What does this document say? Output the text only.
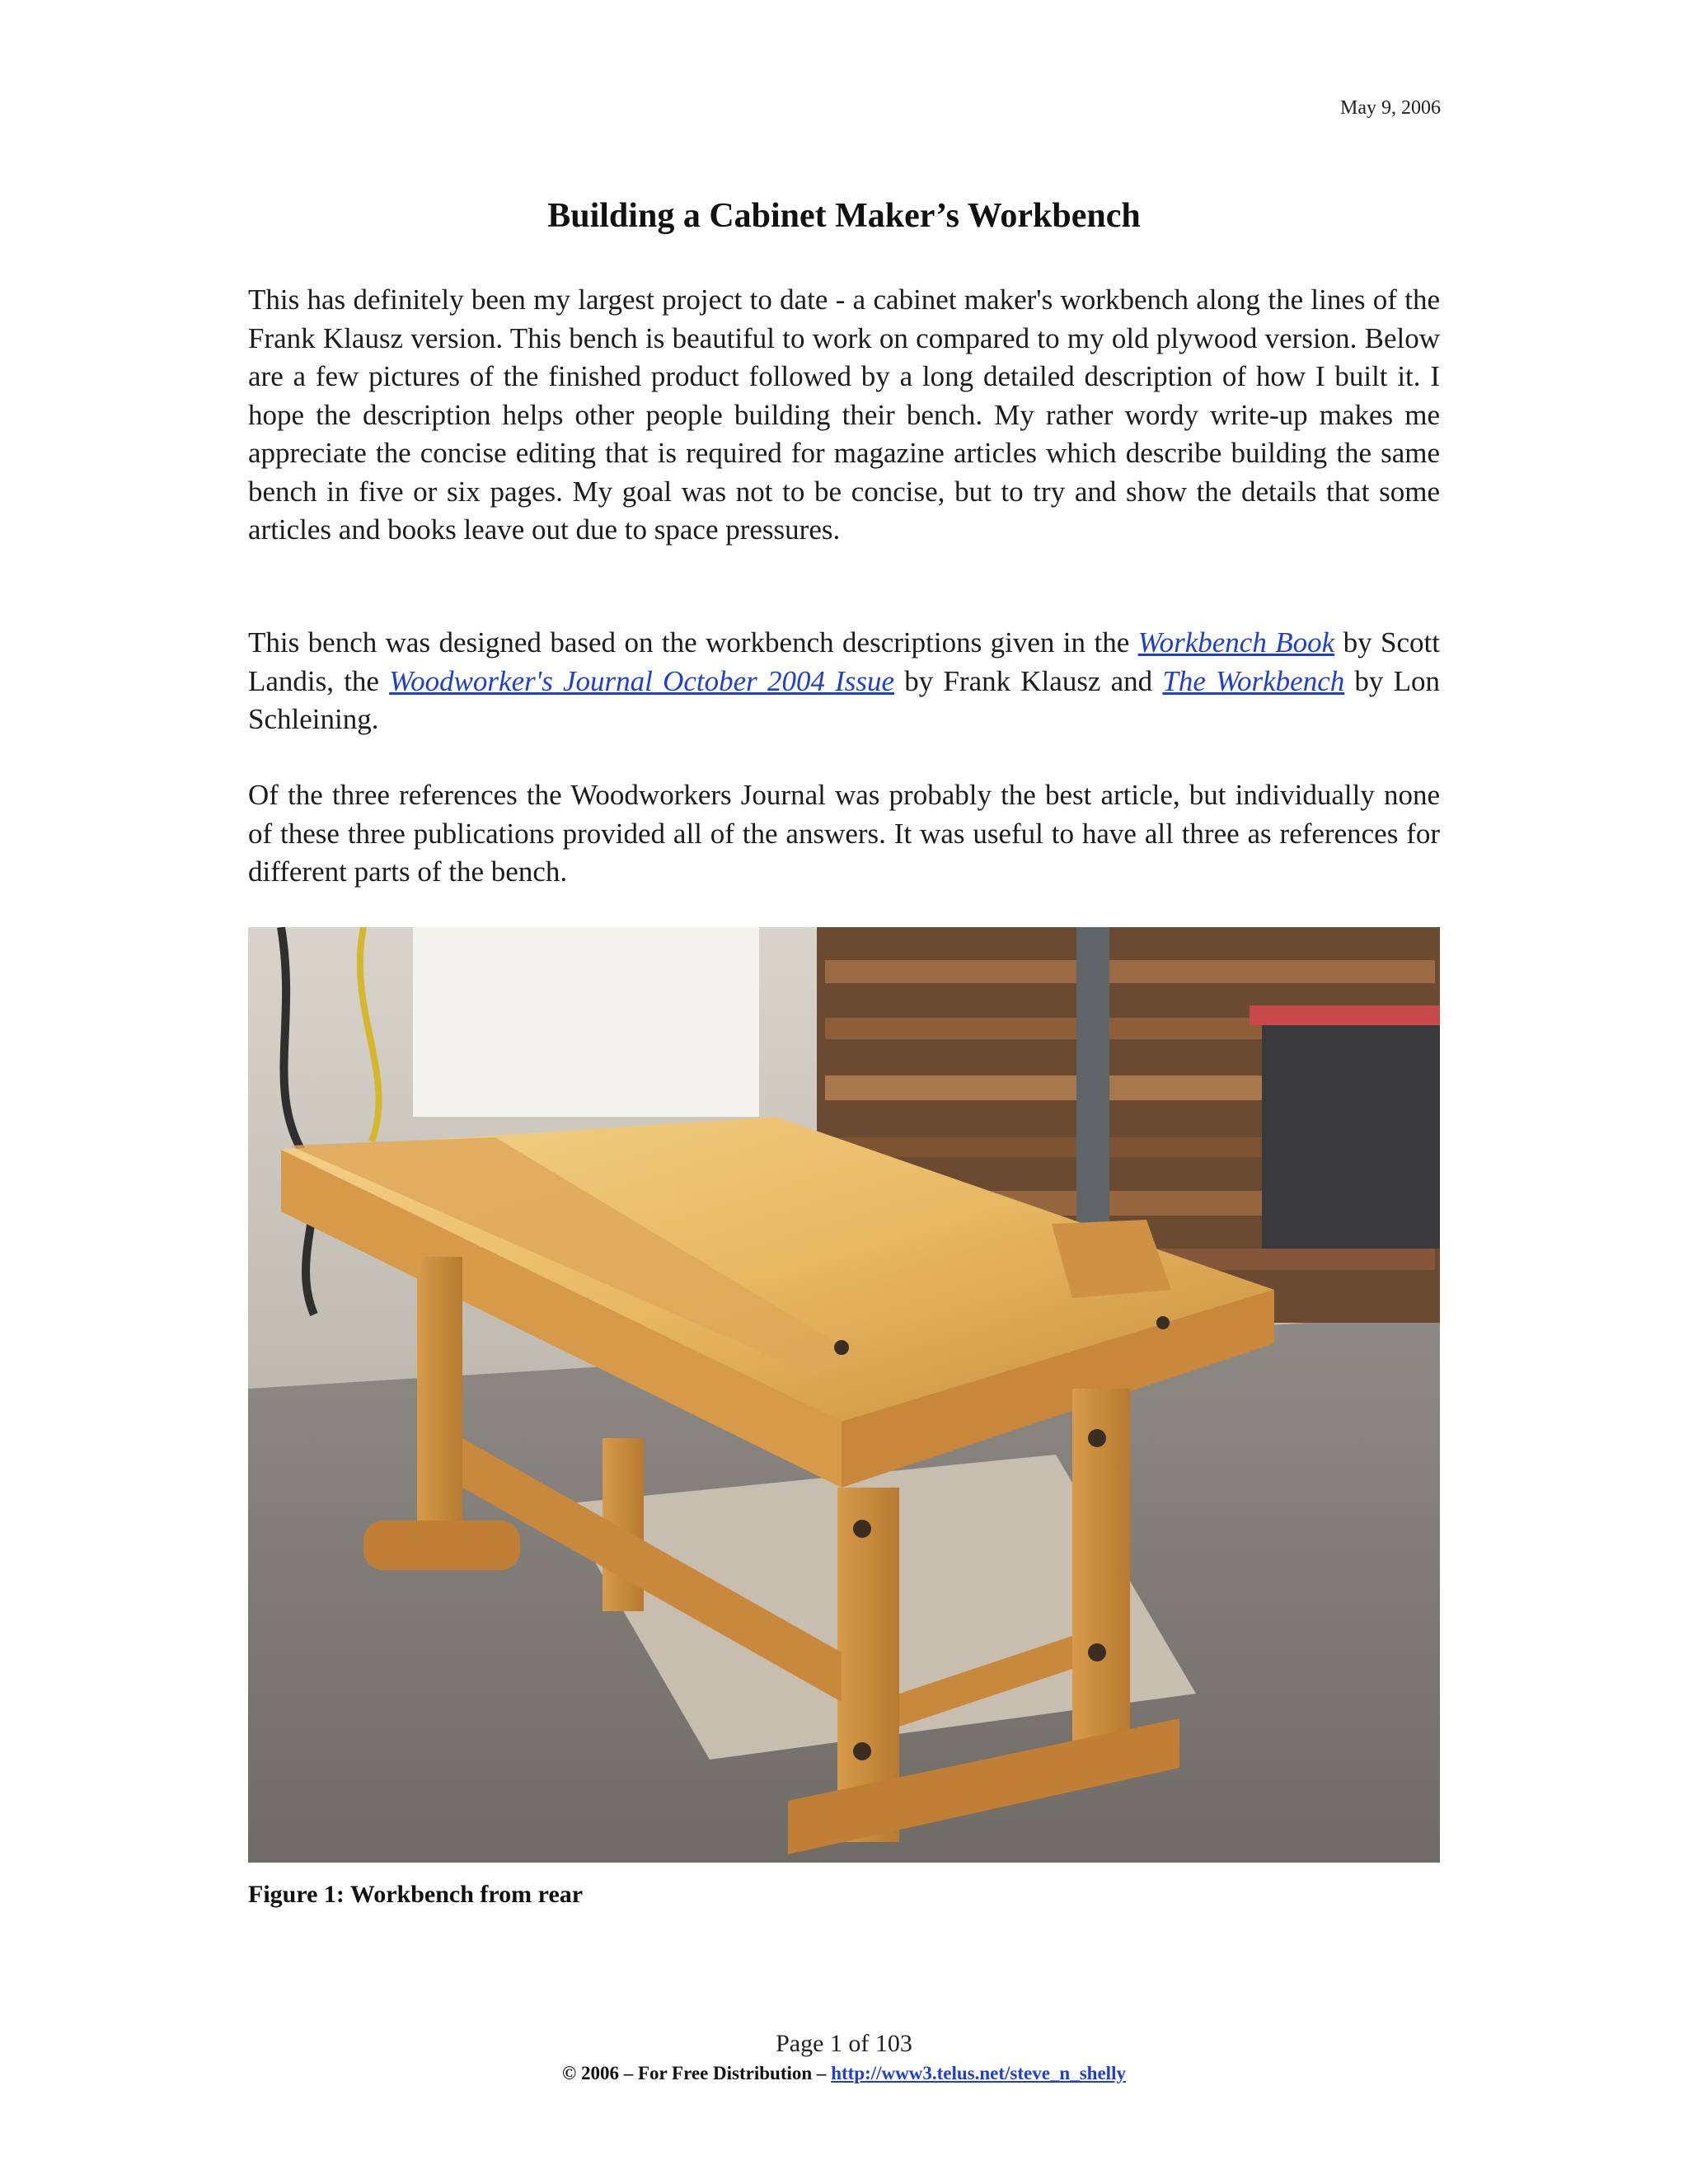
May 9, 2006
Building a Cabinet Maker’s Workbench
This has definitely been my largest project to date - a cabinet maker's workbench along the lines of the Frank Klausz version. This bench is beautiful to work on compared to my old plywood version. Below are a few pictures of the finished product followed by a long detailed description of how I built it. I hope the description helps other people building their bench. My rather wordy write-up makes me appreciate the concise editing that is required for magazine articles which describe building the same bench in five or six pages. My goal was not to be concise, but to try and show the details that some articles and books leave out due to space pressures.
This bench was designed based on the workbench descriptions given in the Workbench Book by Scott Landis, the Woodworker's Journal October 2004 Issue by Frank Klausz and The Workbench by Lon Schleining.
Of the three references the Woodworkers Journal was probably the best article, but individually none of these three publications provided all of the answers. It was useful to have all three as references for different parts of the bench.
Figure 1: Workbench from rear
Page 1 of 103
© 2006 – For Free Distribution – http://www3.telus.net/steve_n_shelly
